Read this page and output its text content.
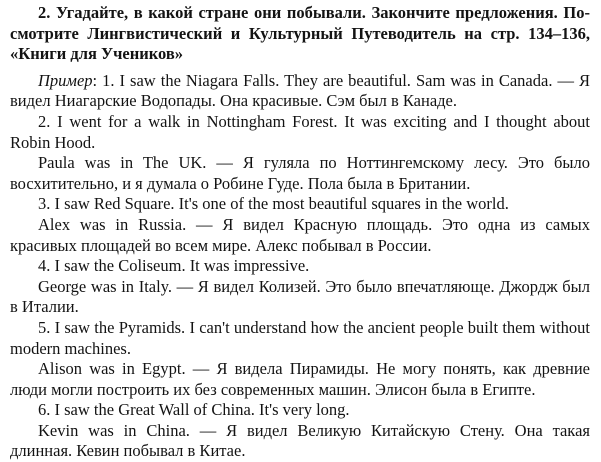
2. Угадайте, в какой стране они побывали. Закончите предложения. Посмотрите Лингвистический и Культурный Путеводитель на стр. 134–136, «Книги для Учеников»

Пример: 1. I saw the Niagara Falls. They are beautiful. Sam was in Canada. — Я видел Ниагарские Водопады. Она красивые. Сэм был в Канаде.

2. I went for a walk in Nottingham Forest. It was exciting and I thought about Robin Hood.

Paula was in The UK. — Я гуляла по Ноттингемскому лесу. Это было восхитительно, и я думала о Робине Гуде. Пола была в Британии.

3. I saw Red Square. It's one of the most beautiful squares in the world.

Alex was in Russia. — Я видел Красную площадь. Это одна из самых красивых площадей во всем мире. Алекс побывал в России.

4. I saw the Coliseum. It was impressive.

George was in Italy. — Я видел Колизей. Это было впечатляюще. Джордж был в Италии.

5. I saw the Pyramids. I can't understand how the ancient people built them without modern machines.

Alison was in Egypt. — Я видела Пирамиды. Не могу понять, как древние люди могли построить их без современных машин. Элисон была в Египте.

6. I saw the Great Wall of China. It's very long.

Kevin was in China. — Я видел Великую Китайскую Стену. Она такая длинная. Кевин побывал в Китае.
